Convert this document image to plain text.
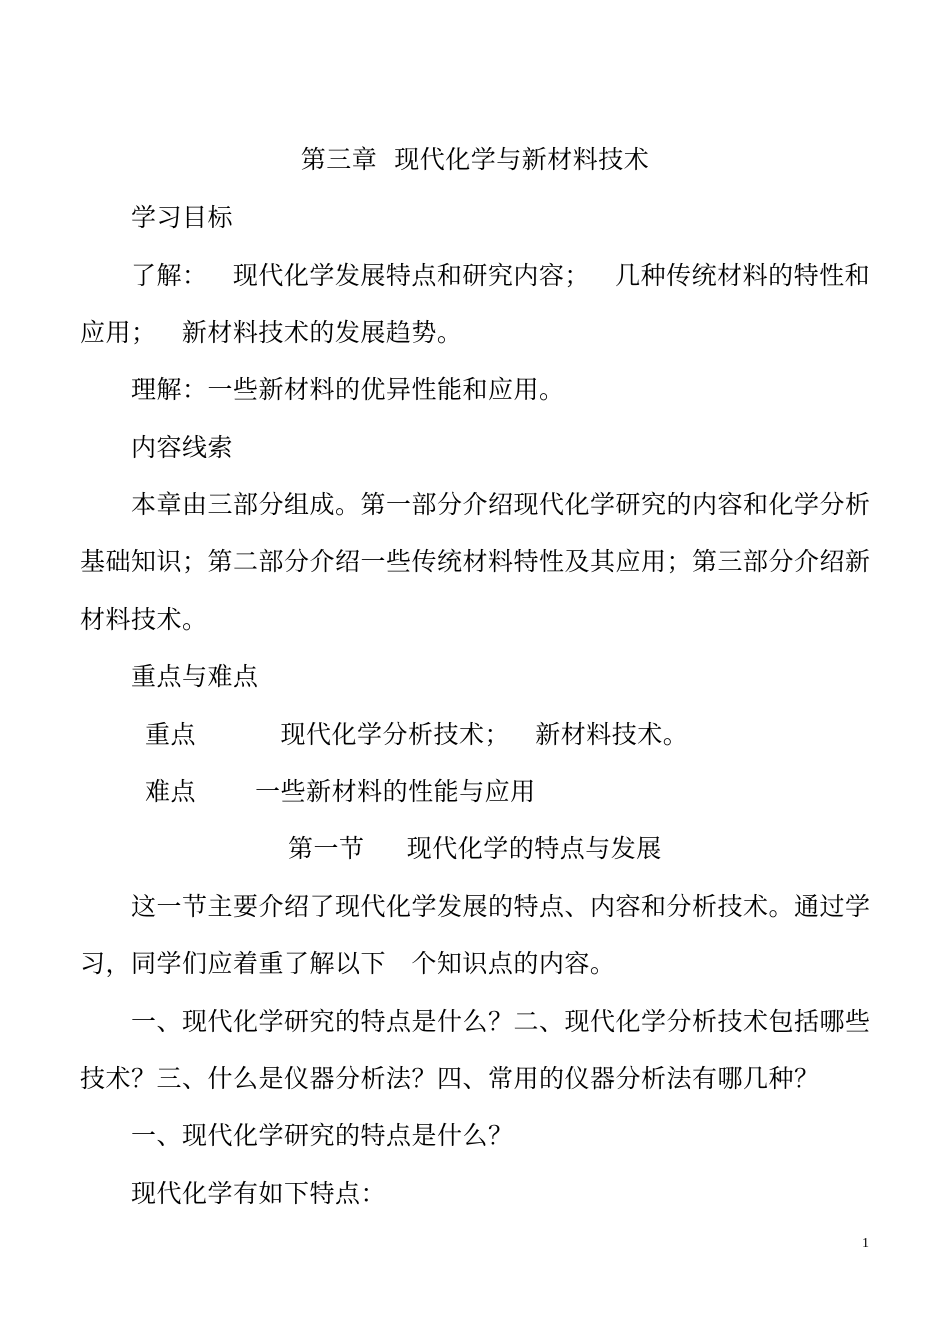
第三章  现代化学与新材料技术
学习目标
了解：   现代化学发展特点和研究内容；   几种传统材料的特性和
应用；   新材料技术的发展趋势。
理解：一些新材料的优异性能和应用。
内容线索
本章由三部分组成。第一部分介绍现代化学研究的内容和化学分析
基础知识；第二部分介绍一些传统材料特性及其应用；第三部分介绍新
材料技术。
重点与难点
重点          现代化学分析技术；   新材料技术。
难点       一些新材料的性能与应用
第一节     现代化学的特点与发展
这一节主要介绍了现代化学发展的特点、内容和分析技术。通过学
习，同学们应着重了解以下   个知识点的内容。
一、现代化学研究的特点是什么？二、现代化学分析技术包括哪些
技术？三、什么是仪器分析法？四、常用的仪器分析法有哪几种？
一、现代化学研究的特点是什么？
现代化学有如下特点：
1
